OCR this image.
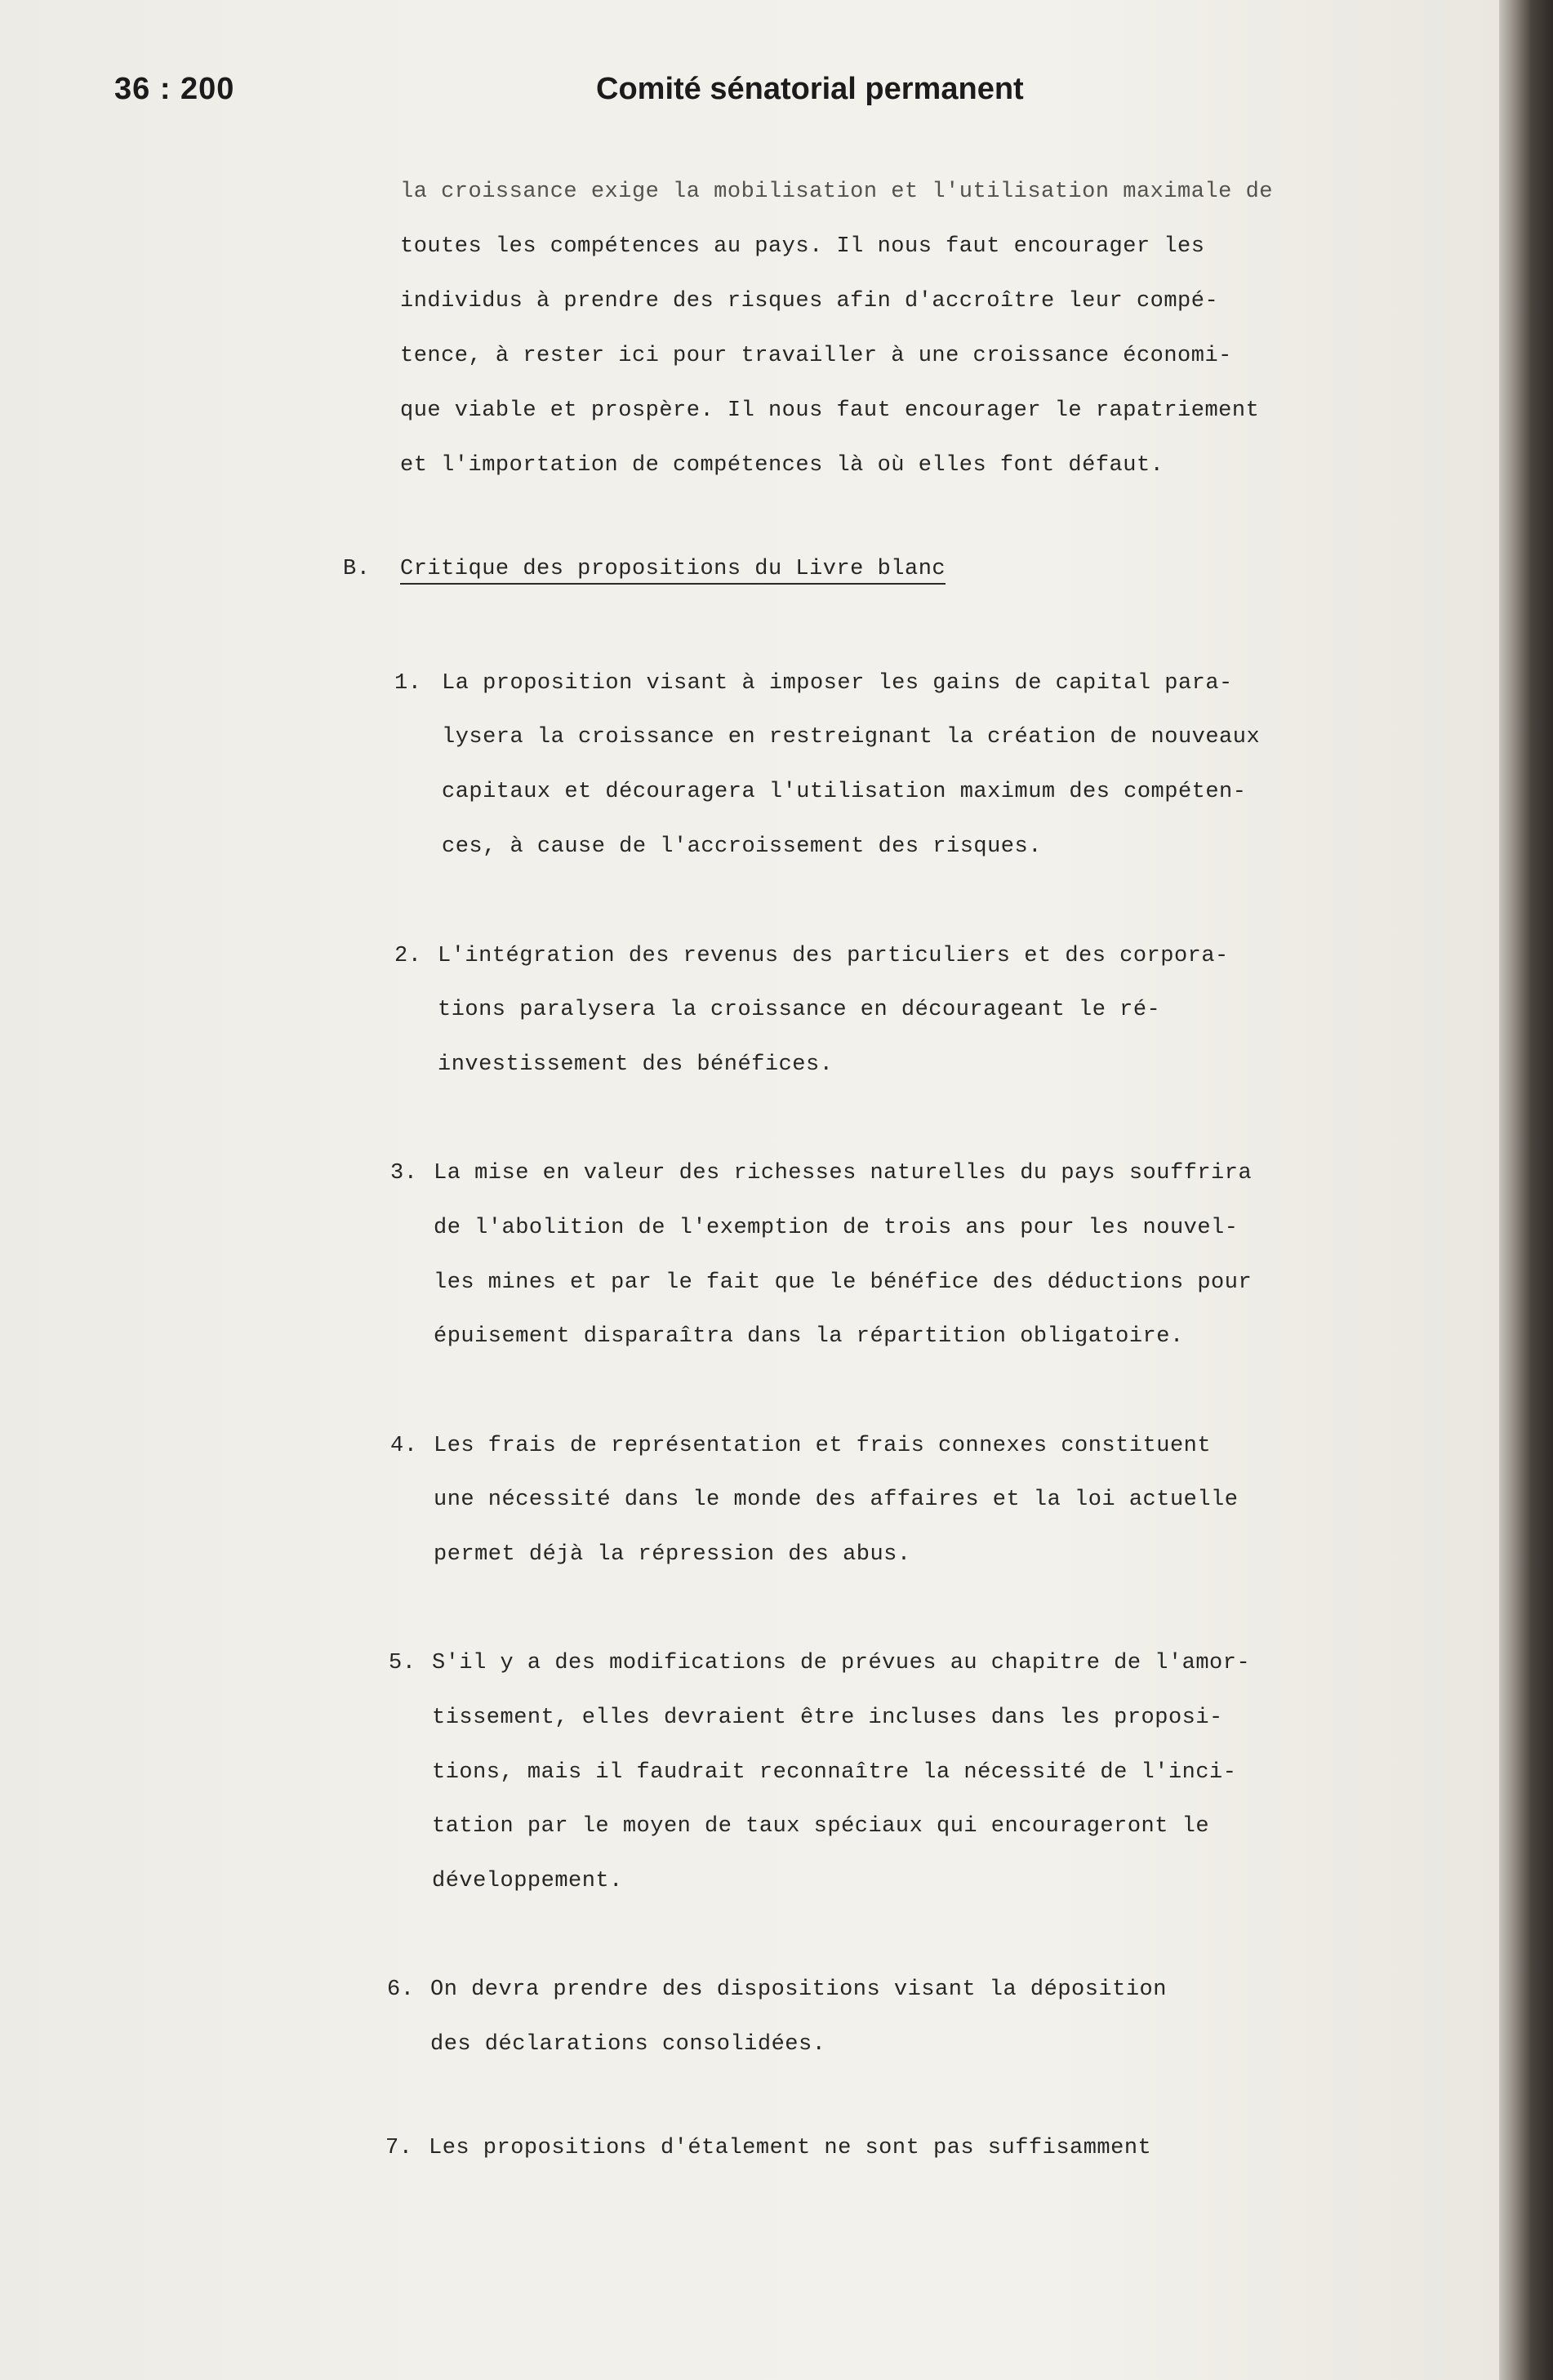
36 : 200	Comité sénatorial permanent
la croissance exige la mobilisation et l'utilisation maximale de
toutes les compétences au pays. Il nous faut encourager les
individus à prendre des risques afin d'accroître leur compé-
tence, à rester ici pour travailler à une croissance économi-
que viable et prospère. Il nous faut encourager le rapatriement
et l'importation de compétences là où elles font défaut.
B. Critique des propositions du Livre blanc
1. La proposition visant à imposer les gains de capital para-
lysera la croissance en restreignant la création de nouveaux
capitaux et découragera l'utilisation maximum des compéten-
ces, à cause de l'accroissement des risques.
2. L'intégration des revenus des particuliers et des corpora-
tions paralysera la croissance en décourageant le ré-
investissement des bénéfices.
3. La mise en valeur des richesses naturelles du pays souffrira
de l'abolition de l'exemption de trois ans pour les nouvel-
les mines et par le fait que le bénéfice des déductions pour
épuisement disparaîtra dans la répartition obligatoire.
4. Les frais de représentation et frais connexes constituent
une nécessité dans le monde des affaires et la loi actuelle
permet déjà la répression des abus.
5. S'il y a des modifications de prévues au chapitre de l'amor-
tissement, elles devraient être incluses dans les proposi-
tions, mais il faudrait reconnaître la nécessité de l'inci-
tation par le moyen de taux spéciaux qui encourageront le
développement.
6. On devra prendre des dispositions visant la déposition
des déclarations consolidées.
7. Les propositions d'étalement ne sont pas suffisamment
